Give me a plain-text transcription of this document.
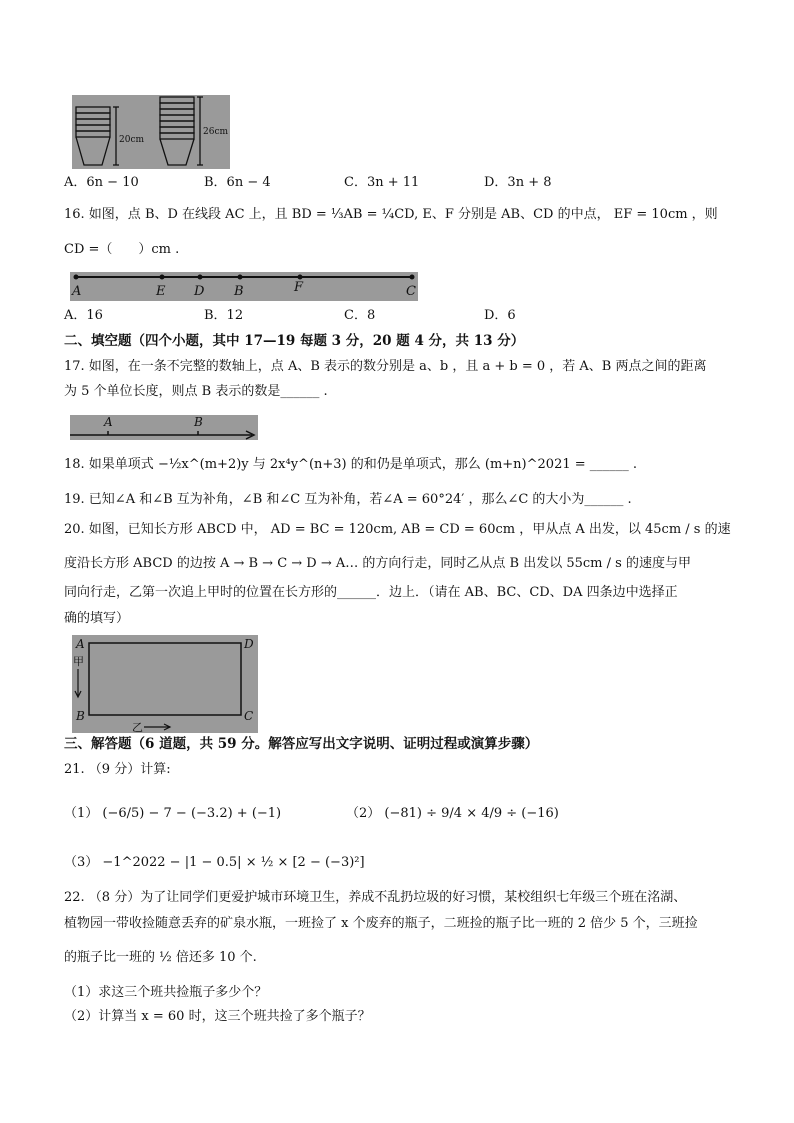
20cm
26cm
A．6n − 10	B．6n − 4	C．3n + 11	D．3n + 8
16. 如图，点 B、D 在线段 AC 上，且 BD = ⅓AB = ¼CD, E、F 分别是 AB、CD 的中点， EF = 10cm ，则
CD =（　　）cm .
A	E D B	F	C
A．16	B．12	C．8	D．6
二、填空题（四个小题，其中 17—19 每题 3 分，20 题 4 分，共 13 分）
17. 如图，在一条不完整的数轴上，点 A、B 表示的数分别是 a、b ，且 a + b = 0 ，若 A、B 两点之间的距离
为 5 个单位长度，则点 B 表示的数是______ .
A	B
18. 如果单项式 −½x^(m+2)y 与 2x⁴y^(n+3) 的和仍是单项式，那么 (m+n)^2021 = ______ .
19. 已知∠A 和∠B 互为补角，∠B 和∠C 互为补角，若∠A = 60°24′ ，那么∠C 的大小为______ .
20. 如图，已知长方形 ABCD 中， AD = BC = 120cm, AB = CD = 60cm ，甲从点 A 出发，以 45cm / s 的速
度沿长方形 ABCD 的边按 A → B → C → D → A… 的方向行走，同时乙从点 B 出发以 55cm / s 的速度与甲
同向行走，乙第一次追上甲时的位置在长方形的______．边上．（请在 AB、BC、CD、DA 四条边中选择正
确的填写）
A	D
B	C
甲
乙
三、解答题（6 道题，共 59 分。解答应写出文字说明、证明过程或演算步骤）
21. （9 分）计算:
（1） (−6/5) − 7 − (−3.2) + (−1)	（2） (−81) ÷ 9/4 × 4/9 ÷ (−16)
（3） −1^2022 − |1 − 0.5| × ½ × [2 − (−3)²]
22. （8 分）为了让同学们更爱护城市环境卫生，养成不乱扔垃圾的好习惯，某校组织七年级三个班在洺湖、
植物园一带收捡随意丢弃的矿泉水瓶，一班捡了 x 个废弃的瓶子，二班捡的瓶子比一班的 2 倍少 5 个，三班捡
的瓶子比一班的 ½ 倍还多 10 个.
（1）求这三个班共捡瓶子多少个？
（2）计算当 x = 60 时，这三个班共捡了多个瓶子？
